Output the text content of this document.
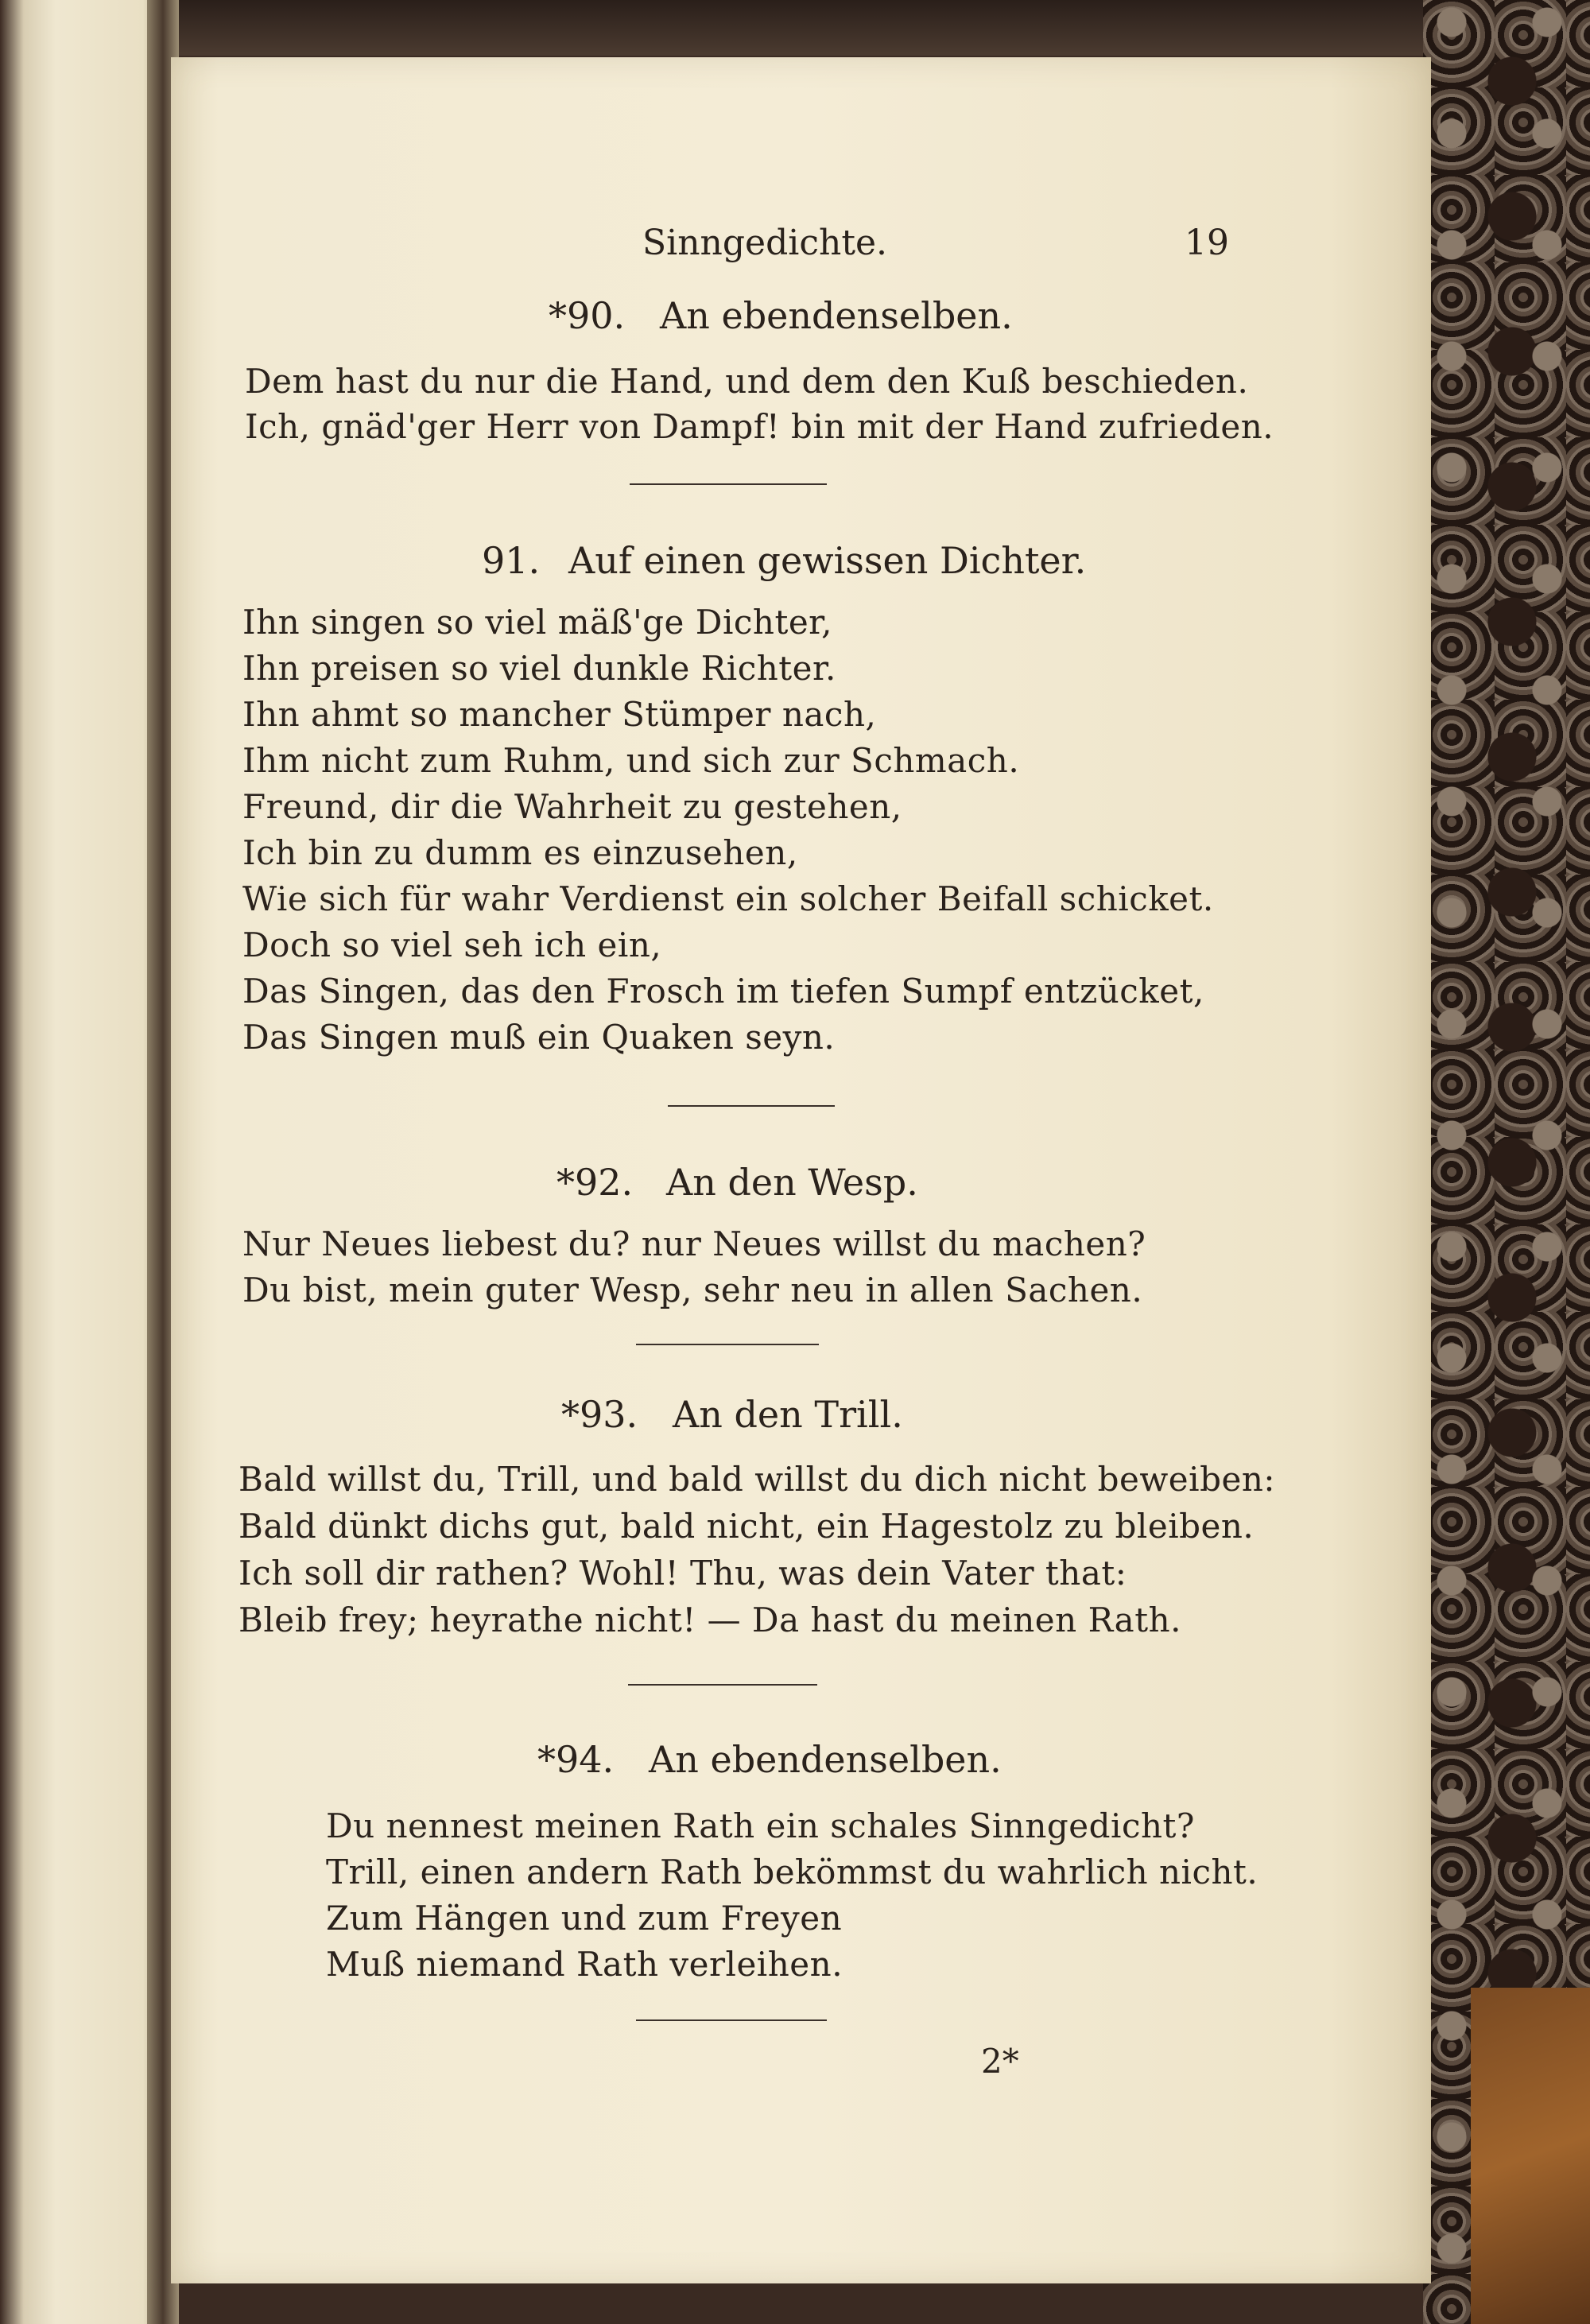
Sinngedichte.	19

*90. An ebendenselben.

Dem hast du nur die Hand, und dem den Kuß beschieden.

Ich, gnäd'ger Herr von Dampf! bin mit der Hand zufrieden.

91. Auf einen gewissen Dichter.

Ihn singen so viel mäß'ge Dichter,

Ihn preisen so viel dunkle Richter.

Ihn ahmt so mancher Stümper nach,

Ihm nicht zum Ruhm, und sich zur Schmach.

Freund, dir die Wahrheit zu gestehen,

Ich bin zu dumm es einzusehen,

Wie sich für wahr Verdienst ein solcher Beifall schicket.

Doch so viel seh ich ein,

Das Singen, das den Frosch im tiefen Sumpf entzücket,

Das Singen muß ein Quaken seyn.

*92. An den Wesp.

Nur Neues liebest du? nur Neues willst du machen?

Du bist, mein guter Wesp, sehr neu in allen Sachen.

*93. An den Trill.

Bald willst du, Trill, und bald willst du dich nicht beweiben:

Bald dünkt dichs gut, bald nicht, ein Hagestolz zu bleiben.

Ich soll dir rathen? Wohl! Thu, was dein Vater that:

Bleib frey; heyrathe nicht! — Da hast du meinen Rath.

*94. An ebendenselben.

Du nennest meinen Rath ein schales Sinngedicht?

Trill, einen andern Rath bekömmst du wahrlich nicht.

Zum Hängen und zum Freyen

Muß niemand Rath verleihen.

2*
